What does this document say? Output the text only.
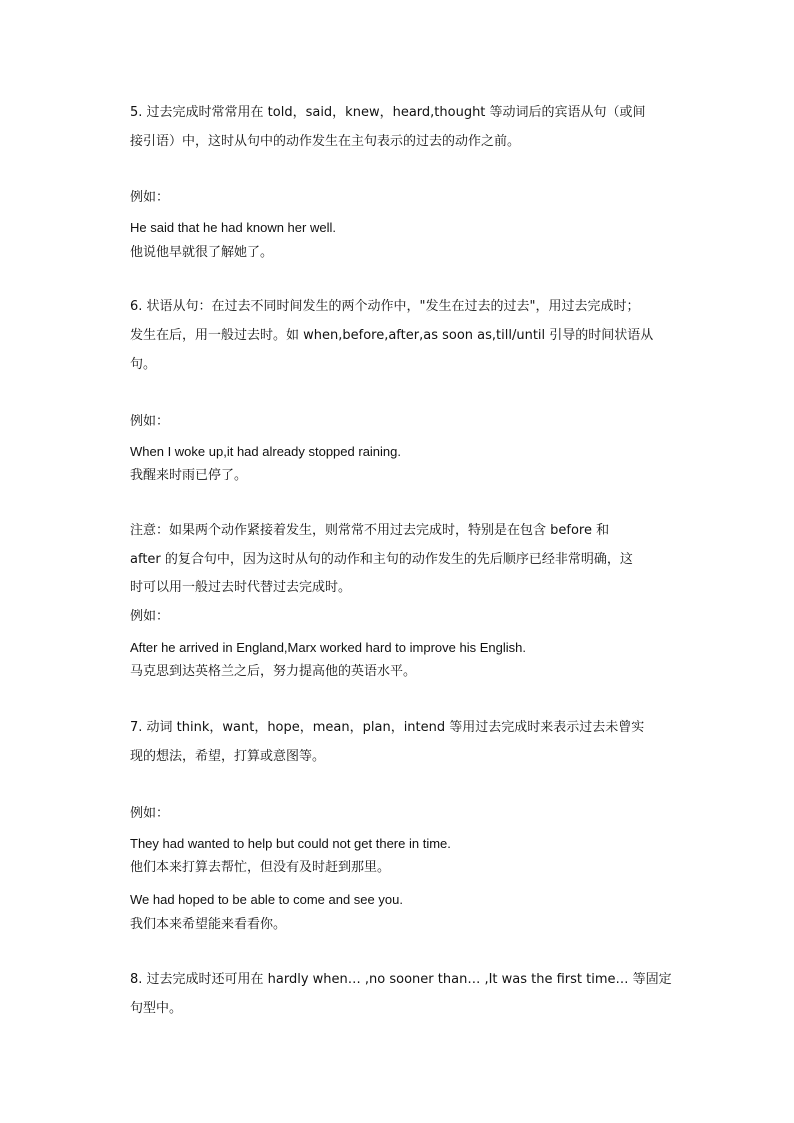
5. 过去完成时常常用在 told，said，knew，heard,thought 等动词后的宾语从句（或间
接引语）中，这时从句中的动作发生在主句表示的过去的动作之前。
例如：
He said that he had known her well.
他说他早就很了解她了。
6. 状语从句：在过去不同时间发生的两个动作中，"发生在过去的过去"，用过去完成时；
发生在后，用一般过去时。如 when,before,after,as soon as,till/until 引导的时间状语从
句。
例如：
When I woke up,it had already stopped raining.
我醒来时雨已停了。
注意：如果两个动作紧接着发生，则常常不用过去完成时，特别是在包含 before 和
after 的复合句中，因为这时从句的动作和主句的动作发生的先后顺序已经非常明确，这
时可以用一般过去时代替过去完成时。
例如：
After he arrived in England,Marx worked hard to improve his English.
马克思到达英格兰之后，努力提高他的英语水平。
7. 动词 think，want，hope，mean，plan，intend 等用过去完成时来表示过去未曾实
现的想法，希望，打算或意图等。
例如：
They had wanted to help but could not get there in time.
他们本来打算去帮忙，但没有及时赶到那里。
We had hoped to be able to come and see you.
我们本来希望能来看看你。
8. 过去完成时还可用在 hardly when… ,no sooner than… ,It was the first time… 等固定
句型中。
